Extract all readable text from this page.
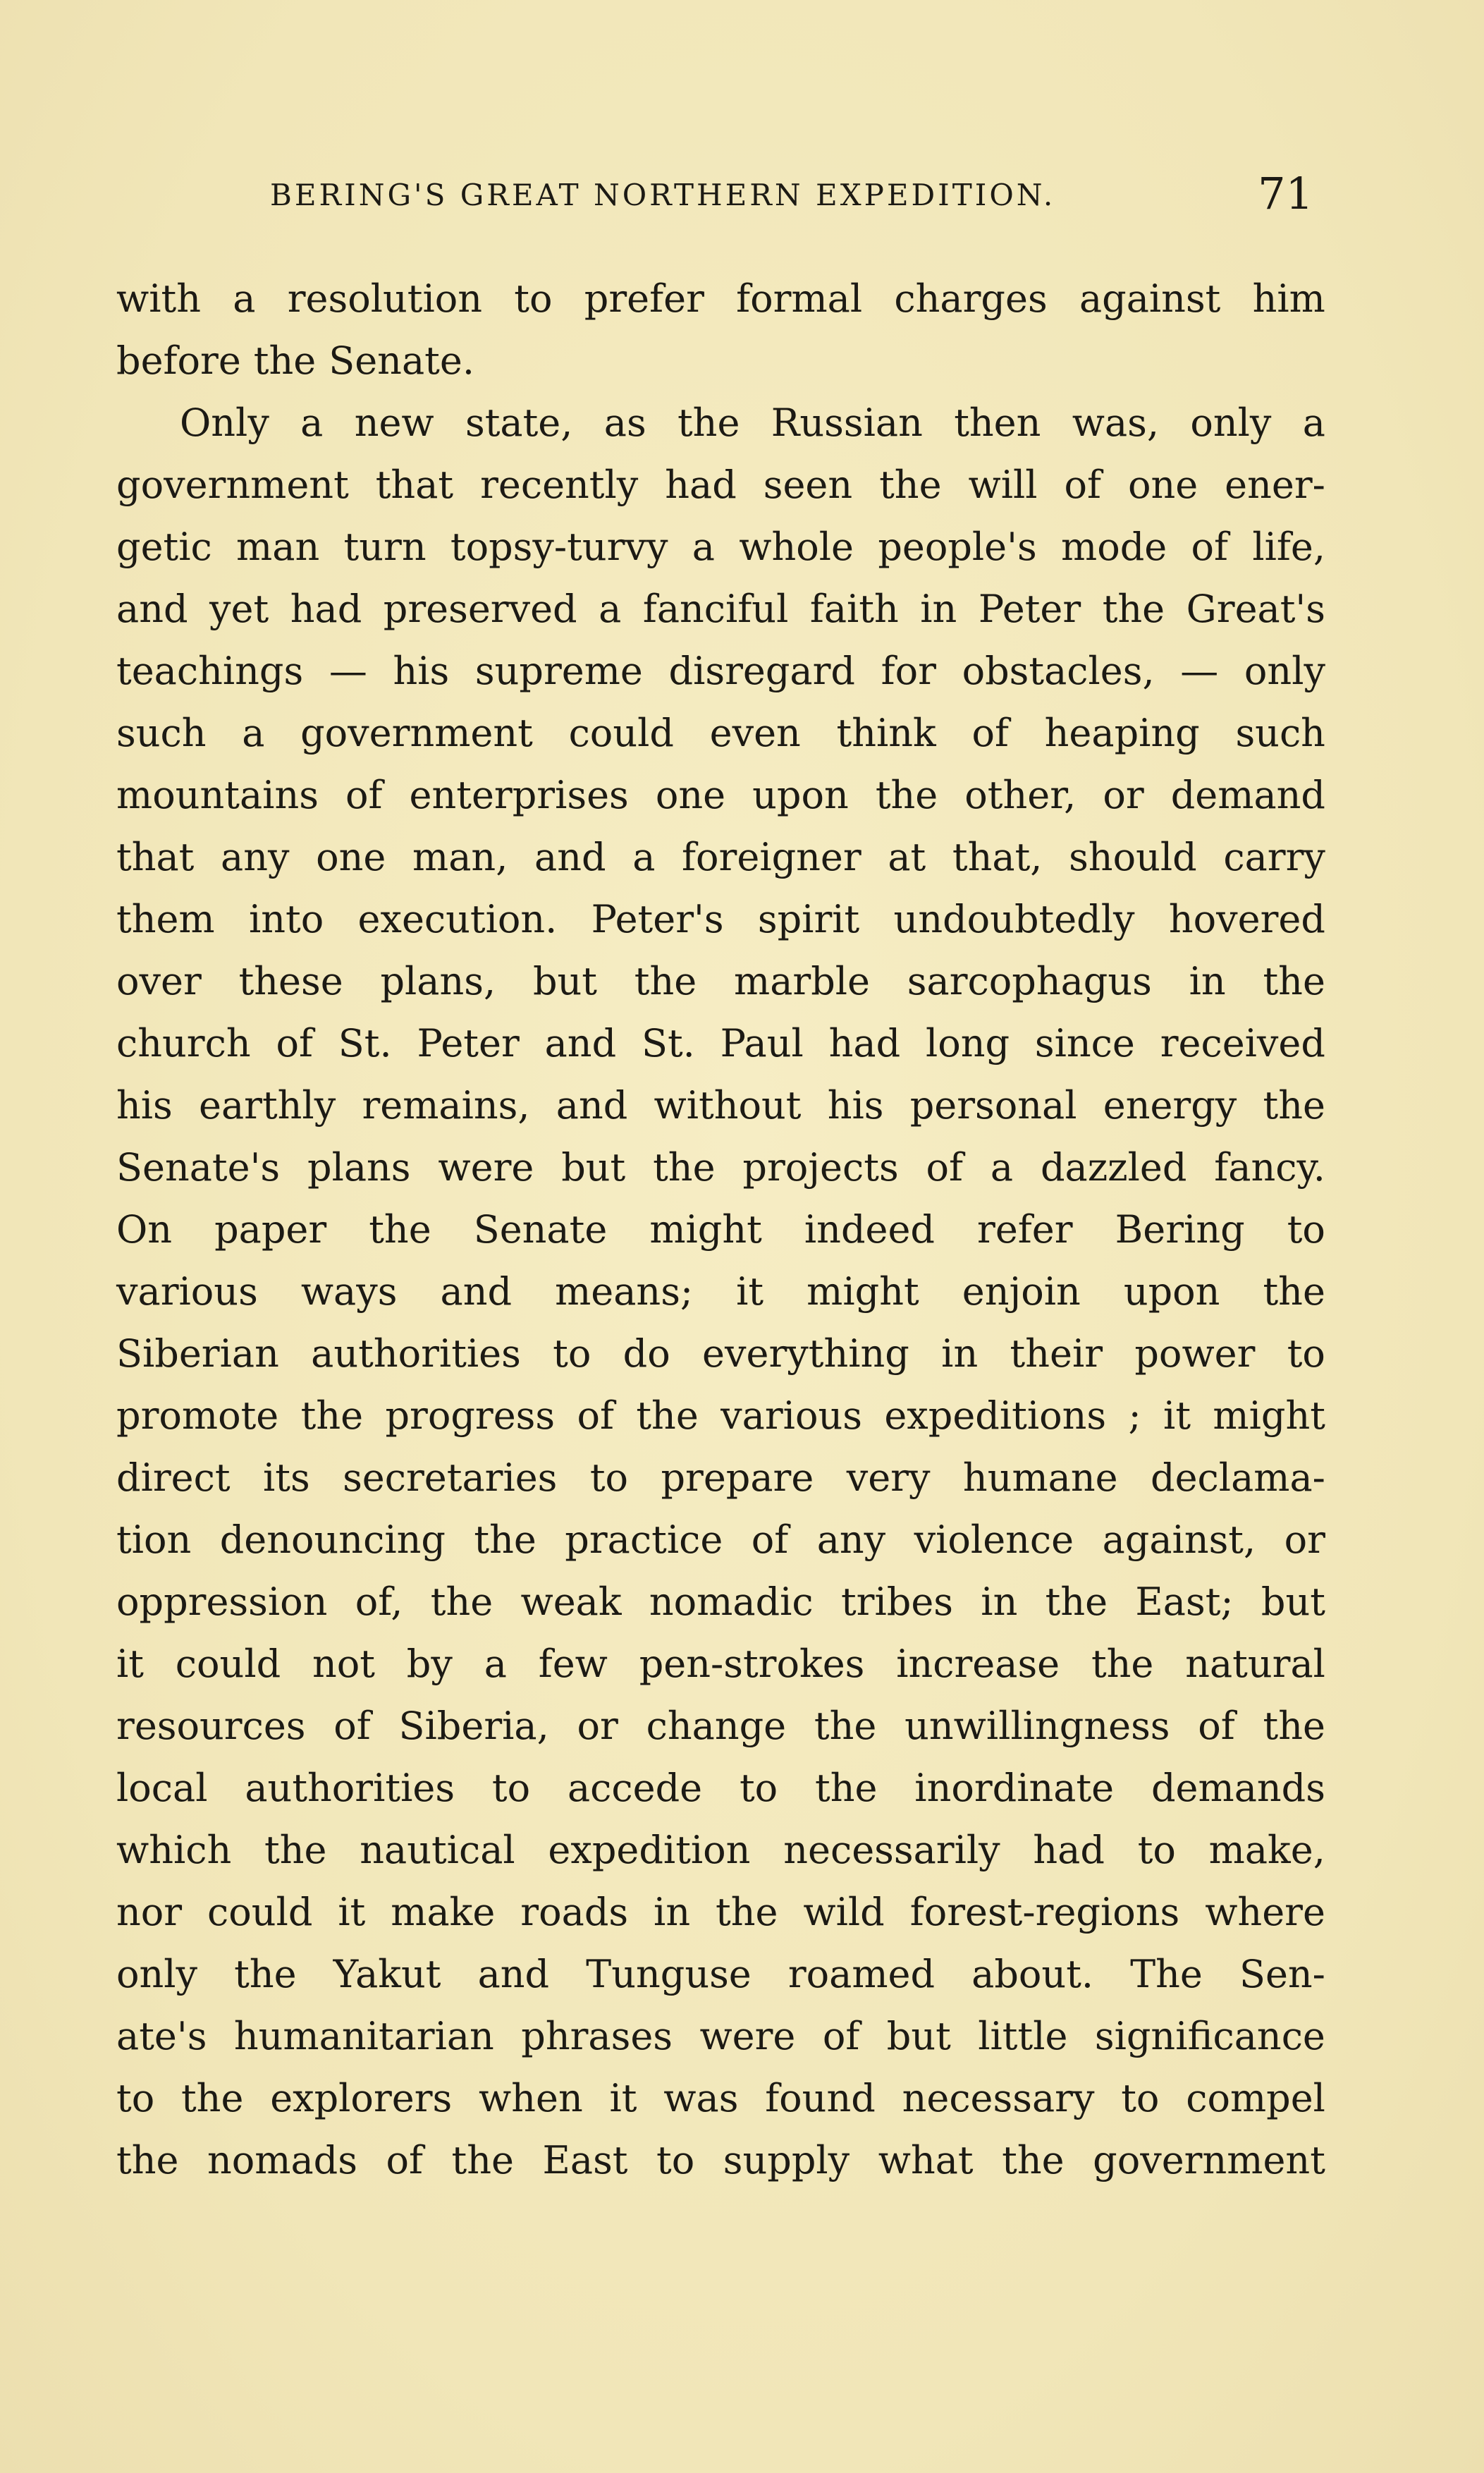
BERING'S GREAT NORTHERN EXPEDITION.	71
with a resolution to prefer formal charges against him
before the Senate.
Only a new state, as the Russian then was, only a
government that recently had seen the will of one ener-
getic man turn topsy-turvy a whole people's mode of life,
and yet had preserved a fanciful faith in Peter the Great's
teachings — his supreme disregard for obstacles, — only
such a government could even think of heaping such
mountains of enterprises one upon the other, or demand
that any one man, and a foreigner at that, should carry
them into execution. Peter's spirit undoubtedly hovered
over these plans, but the marble sarcophagus in the
church of St. Peter and St. Paul had long since received
his earthly remains, and without his personal energy the
Senate's plans were but the projects of a dazzled fancy.
On paper the Senate might indeed refer Bering to
various ways and means; it might enjoin upon the
Siberian authorities to do everything in their power to
promote the progress of the various expeditions ; it might
direct its secretaries to prepare very humane declama-
tion denouncing the practice of any violence against, or
oppression of, the weak nomadic tribes in the East; but
it could not by a few pen-strokes increase the natural
resources of Siberia, or change the unwillingness of the
local authorities to accede to the inordinate demands
which the nautical expedition necessarily had to make,
nor could it make roads in the wild forest-regions where
only the Yakut and Tunguse roamed about. The Sen-
ate's humanitarian phrases were of but little significance
to the explorers when it was found necessary to compel
the nomads of the East to supply what the government
